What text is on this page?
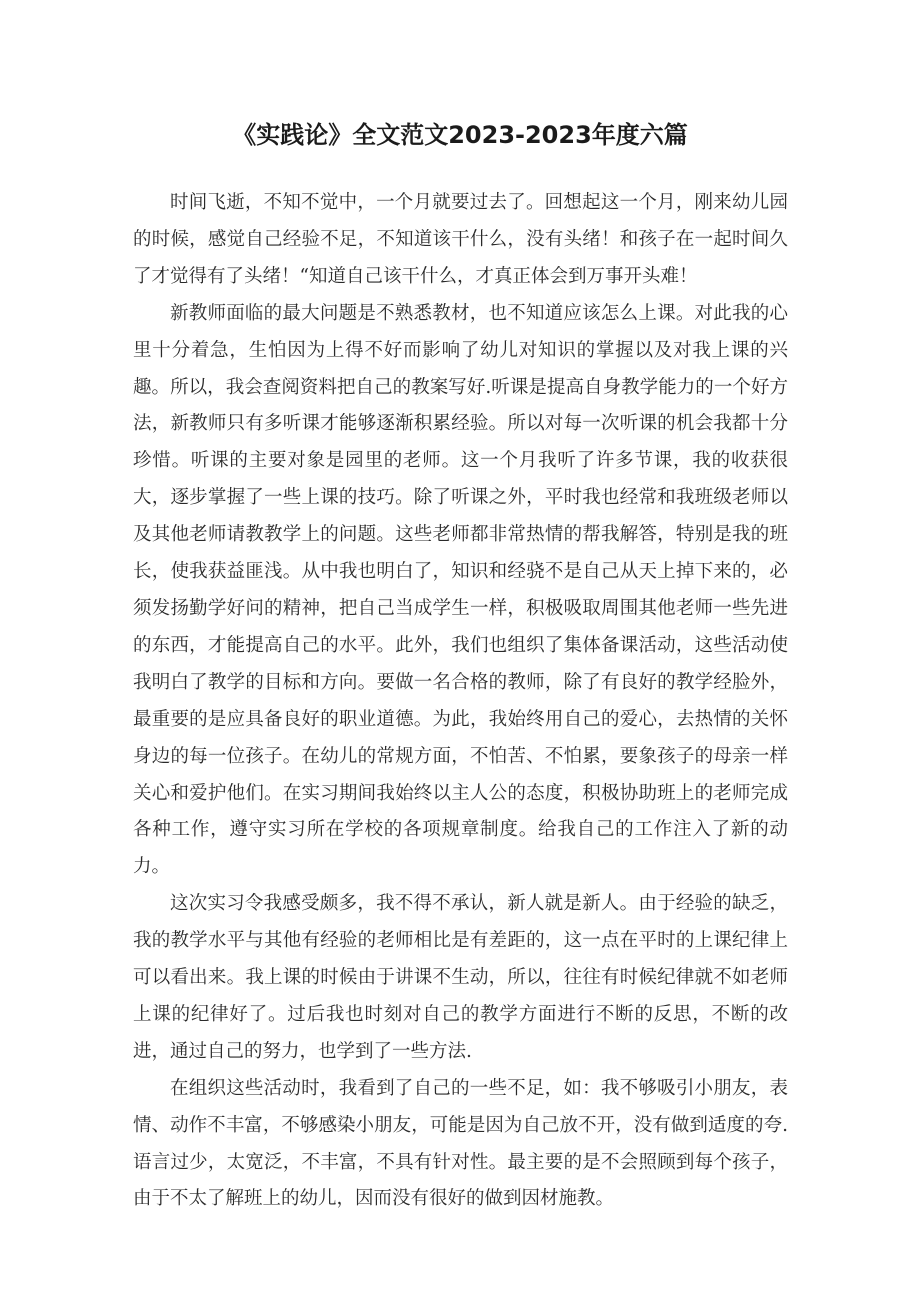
《实践论》全文范文2023-2023年度六篇

时间飞逝，不知不觉中，一个月就要过去了。回想起这一个月，刚来幼儿园的时候，感觉自己经验不足，不知道该干什么，没有头绪！和孩子在一起时间久了才觉得有了头绪！“知道自己该干什么，才真正体会到万事开头难！

新教师面临的最大问题是不熟悉教材，也不知道应该怎么上课。对此我的心里十分着急，生怕因为上得不好而影响了幼儿对知识的掌握以及对我上课的兴趣。所以，我会查阅资料把自己的教案写好.听课是提高自身教学能力的一个好方法，新教师只有多听课才能够逐渐积累经验。所以对每一次听课的机会我都十分珍惜。听课的主要对象是园里的老师。这一个月我听了许多节课，我的收获很大，逐步掌握了一些上课的技巧。除了听课之外，平时我也经常和我班级老师以及其他老师请教教学上的问题。这些老师都非常热情的帮我解答，特别是我的班长，使我获益匪浅。从中我也明白了，知识和经骁不是自己从天上掉下来的，必须发扬勤学好问的精神，把自己当成学生一样，积极吸取周围其他老师一些先进的东西，才能提高自己的水平。此外，我们也组织了集体备课活动，这些活动使我明白了教学的目标和方向。要做一名合格的教师，除了有良好的教学经脸外，最重要的是应具备良好的职业道德。为此，我始终用自己的爱心，去热情的关怀身边的每一位孩子。在幼儿的常规方面，不怕苦、不怕累，要象孩子的母亲一样关心和爱护他们。在实习期间我始终以主人公的态度，积极协助班上的老师完成各种工作，遵守实习所在学校的各项规章制度。给我自己的工作注入了新的动力。

这次实习令我感受颇多，我不得不承认，新人就是新人。由于经验的缺乏，我的教学水平与其他有经验的老师相比是有差距的，这一点在平时的上课纪律上可以看出来。我上课的时候由于讲课不生动，所以，往往有时候纪律就不如老师上课的纪律好了。过后我也时刻对自己的教学方面进行不断的反思，不断的改进，通过自己的努力，也学到了一些方法.

在组织这些活动时，我看到了自己的一些不足，如：我不够吸引小朋友，表情、动作不丰富，不够感染小朋友，可能是因为自己放不开，没有做到适度的夸.语言过少，太宽泛，不丰富，不具有针对性。最主要的是不会照顾到每个孩子，由于不太了解班上的幼儿，因而没有很好的做到因材施教。
